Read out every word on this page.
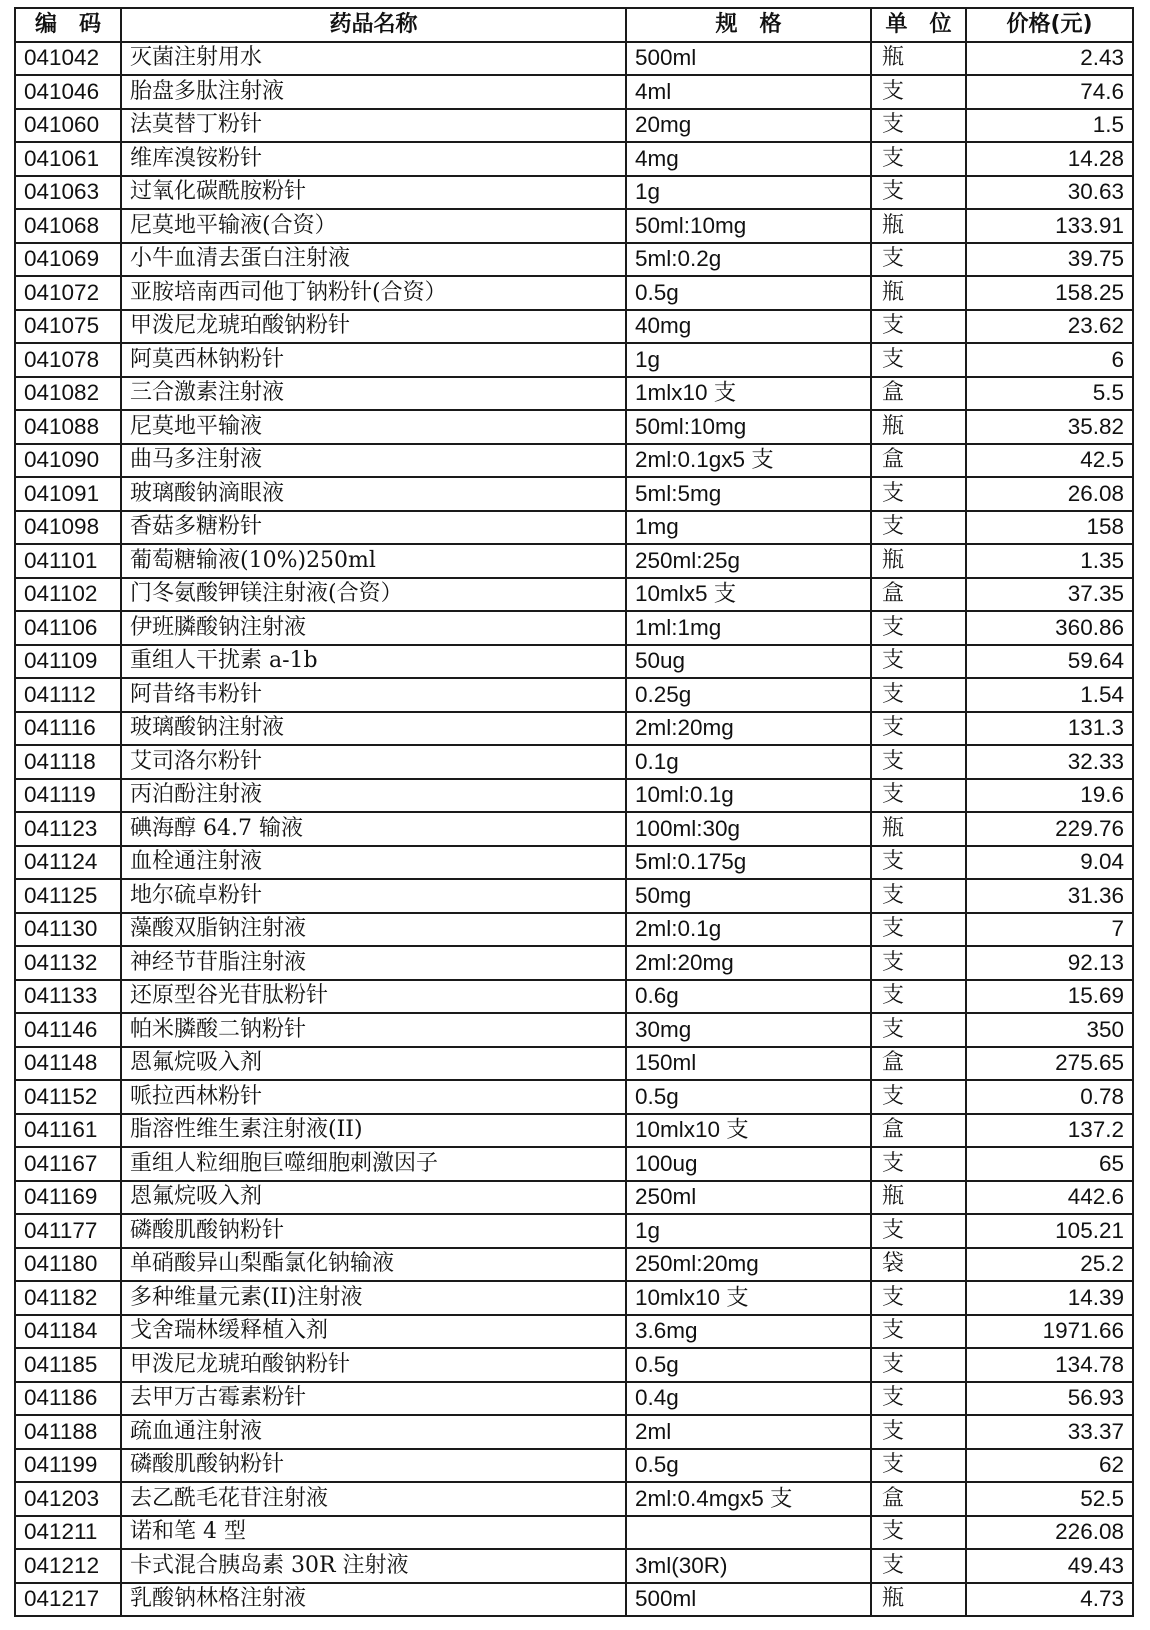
编　码	药品名称	规　格	单　位	价格(元)
041042	灭菌注射用水	500ml	瓶	2.43
041046	胎盘多肽注射液	4ml	支	74.6
041060	法莫替丁粉针	20mg	支	1.5
041061	维库溴铵粉针	4mg	支	14.28
041063	过氧化碳酰胺粉针	1g	支	30.63
041068	尼莫地平输液(合资）	50ml:10mg	瓶	133.91
041069	小牛血清去蛋白注射液	5ml:0.2g	支	39.75
041072	亚胺培南西司他丁钠粉针(合资）	0.5g	瓶	158.25
041075	甲泼尼龙琥珀酸钠粉针	40mg	支	23.62
041078	阿莫西林钠粉针	1g	支	6
041082	三合激素注射液	1mlx10 支	盒	5.5
041088	尼莫地平输液	50ml:10mg	瓶	35.82
041090	曲马多注射液	2ml:0.1gx5 支	盒	42.5
041091	玻璃酸钠滴眼液	5ml:5mg	支	26.08
041098	香菇多糖粉针	1mg	支	158
041101	葡萄糖输液(10%)250ml	250ml:25g	瓶	1.35
041102	门冬氨酸钾镁注射液(合资）	10mlx5 支	盒	37.35
041106	伊班膦酸钠注射液	1ml:1mg	支	360.86
041109	重组人干扰素 a-1b	50ug	支	59.64
041112	阿昔络韦粉针	0.25g	支	1.54
041116	玻璃酸钠注射液	2ml:20mg	支	131.3
041118	艾司洛尔粉针	0.1g	支	32.33
041119	丙泊酚注射液	10ml:0.1g	支	19.6
041123	碘海醇 64.7 输液	100ml:30g	瓶	229.76
041124	血栓通注射液	5ml:0.175g	支	9.04
041125	地尔硫卓粉针	50mg	支	31.36
041130	藻酸双脂钠注射液	2ml:0.1g	支	7
041132	神经节苷脂注射液	2ml:20mg	支	92.13
041133	还原型谷光苷肽粉针	0.6g	支	15.69
041146	帕米膦酸二钠粉针	30mg	支	350
041148	恩氟烷吸入剂	150ml	盒	275.65
041152	哌拉西林粉针	0.5g	支	0.78
041161	脂溶性维生素注射液(II)	10mlx10 支	盒	137.2
041167	重组人粒细胞巨噬细胞刺激因子	100ug	支	65
041169	恩氟烷吸入剂	250ml	瓶	442.6
041177	磷酸肌酸钠粉针	1g	支	105.21
041180	单硝酸异山梨酯氯化钠输液	250ml:20mg	袋	25.2
041182	多种维量元素(II)注射液	10mlx10 支	支	14.39
041184	戈舍瑞林缓释植入剂	3.6mg	支	1971.66
041185	甲泼尼龙琥珀酸钠粉针	0.5g	支	134.78
041186	去甲万古霉素粉针	0.4g	支	56.93
041188	疏血通注射液	2ml	支	33.37
041199	磷酸肌酸钠粉针	0.5g	支	62
041203	去乙酰毛花苷注射液	2ml:0.4mgx5 支	盒	52.5
041211	诺和笔 4 型		支	226.08
041212	卡式混合胰岛素 30R 注射液	3ml(30R)	支	49.43
041217	乳酸钠林格注射液	500ml	瓶	4.73
